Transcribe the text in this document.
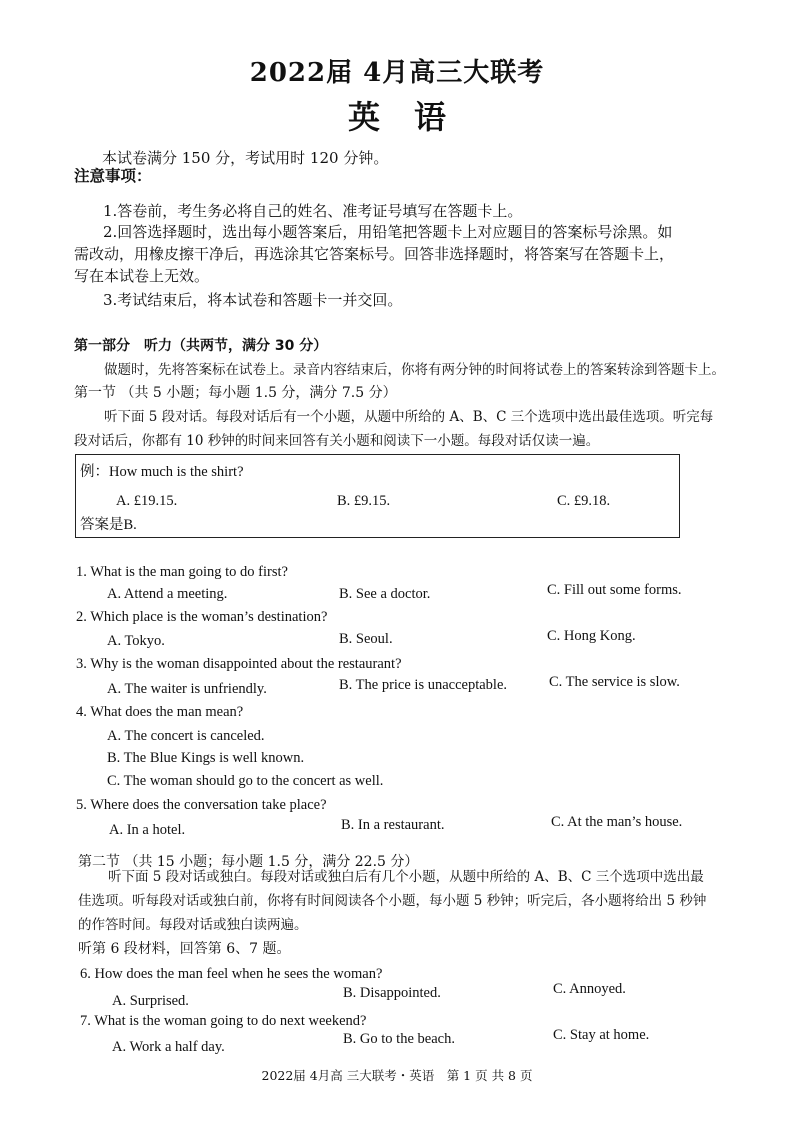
2022届 4月高三大联考
英语
本试卷满分 150 分，考试用时 120 分钟。
注意事项：
1.答卷前，考生务必将自己的姓名、准考证号填写在答题卡上。
2.回答选择题时，选出每小题答案后，用铅笔把答题卡上对应题目的答案标号涂黑。如
需改动，用橡皮擦干净后，再选涂其它答案标号。回答非选择题时，将答案写在答题卡上，
写在本试卷上无效。
3.考试结束后，将本试卷和答题卡一并交回。
第一部分　听力（共两节，满分 30 分）
做题时，先将答案标在试卷上。录音内容结束后，你将有两分钟的时间将试卷上的答案转涂到答题卡上。
第一节 （共 5 小题；每小题 1.5 分，满分 7.5 分）
听下面 5 段对话。每段对话后有一个小题，从题中所给的 A、B、C 三个选项中选出最佳选项。听完每
段对话后，你都有 10 秒钟的时间来回答有关小题和阅读下一小题。每段对话仅读一遍。
例：How much is the shirt?
A. £19.15.	B. £9.15.	C. £9.18.
答案是B.
1. What is the man going to do first?
A. Attend a meeting.	B. See a doctor.	C. Fill out some forms.
2. Which place is the woman’s destination?
A. Tokyo.	B. Seoul.	C. Hong Kong.
3. Why is the woman disappointed about the restaurant?
A. The waiter is unfriendly.	B. The price is unacceptable.	C. The service is slow.
4. What does the man mean?
A. The concert is canceled.
B. The Blue Kings is well known.
C. The woman should go to the concert as well.
5. Where does the conversation take place?
A. In a hotel.	B. In a restaurant.	C. At the man’s house.
第二节 （共 15 小题；每小题 1.5 分，满分 22.5 分）
听下面 5 段对话或独白。每段对话或独白后有几个小题，从题中所给的 A、B、C 三个选项中选出最
佳选项。听每段对话或独白前，你将有时间阅读各个小题，每小题 5 秒钟；听完后，各小题将给出 5 秒钟
的作答时间。每段对话或独白读两遍。
听第 6 段材料，回答第 6、7 题。
6. How does the man feel when he sees the woman?
A. Surprised.	B. Disappointed.	C. Annoyed.
7. What is the woman going to do next weekend?
A. Work a half day.	B. Go to the beach.	C. Stay at home.
2022届 4月高 三大联考・英语　第 1 页 共 8 页
